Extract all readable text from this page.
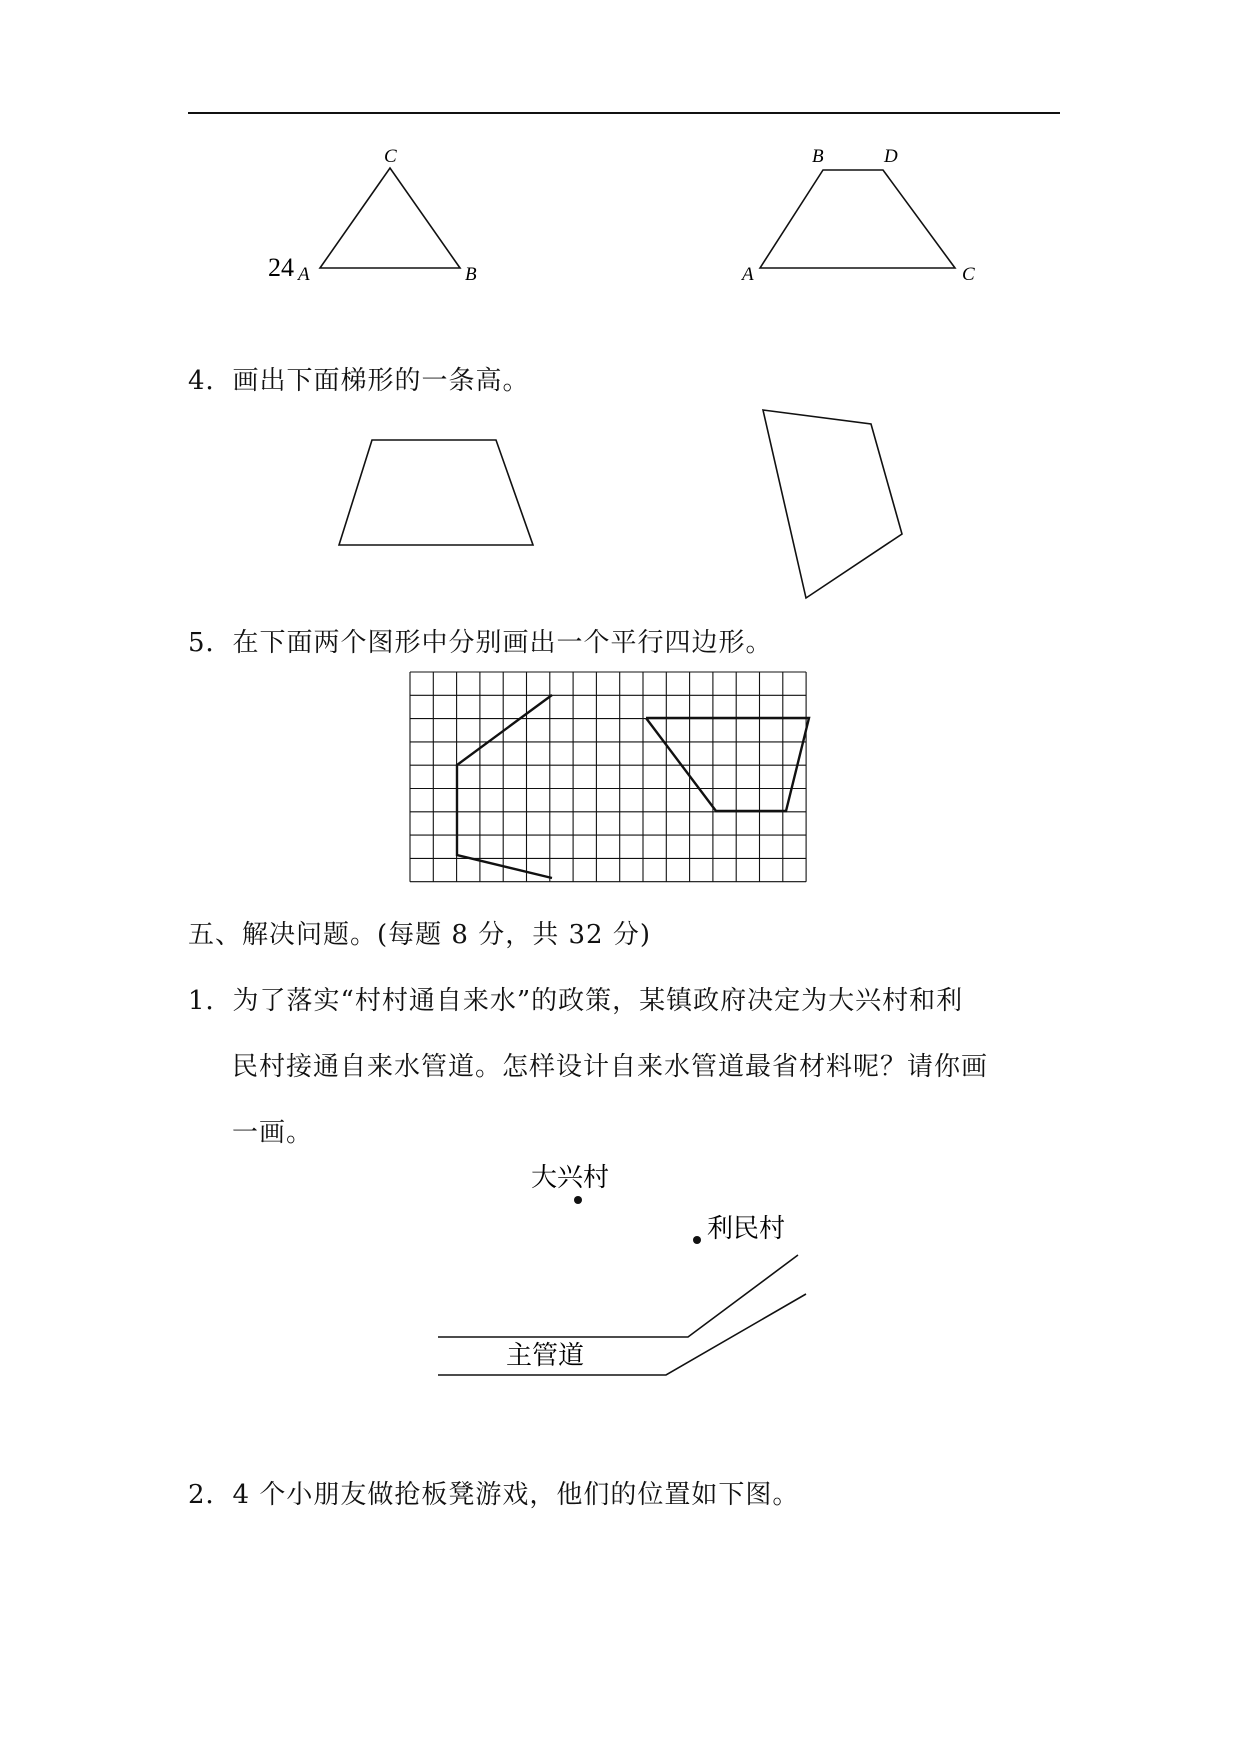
24 A	B
C
A
B
C
D
大兴村
利民村
主管道
4．画出下面梯形的一条高。
5．在下面两个图形中分别画出一个平行四边形。
五、解决问题。(每题 8 分，共 32 分)
1．为了落实“村村通自来水”的政策，某镇政府决定为大兴村和利
民村接通自来水管道。怎样设计自来水管道最省材料呢？请你画
一画。
2．4 个小朋友做抢板凳游戏，他们的位置如下图。
